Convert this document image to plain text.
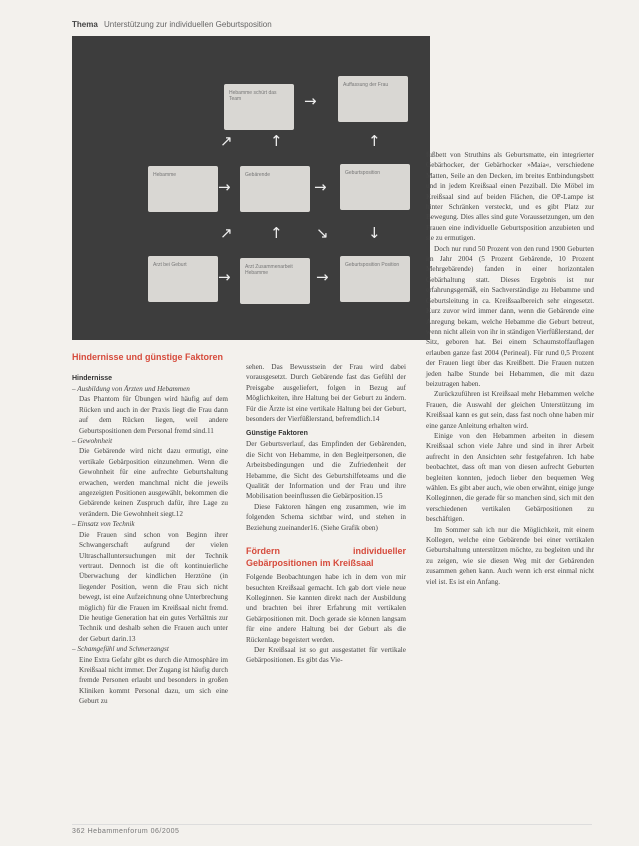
Thema Unterstützung zur individuellen Geburtsposition
Hebamme schürt das Team
Auffassung der Frau
Hebamme	Gebärende	Geburtsposition
Arzt bei Geburt	Arzt Zusammenarbeit Hebamme
Geburtsposition Position
→
↗ ↑	↑
→	→
↗ ↑ ↘	↓
→	→
Hindernisse und günstige Faktoren
Hindernisse

– Ausbildung von Ärzten und Hebammen

Das Phantom für Übungen wird häufig auf dem Rücken und auch in der Praxis liegt die Frau dann auf dem Rücken liegen, weil andere Geburtspositionen dem Personal fremd sind.11

– Gewohnheit

Die Gebärende wird nicht dazu ermutigt, eine vertikale Gebärposition einzunehmen. Wenn die Gewohnheit für eine aufrechte Geburtshaltung erwachen, werden manchmal nicht die jeweils angezeigten Positionen ausgewählt, bekommen die Gebärende keinen Zuspruch dafür, ihre Lage zu verändern. Die Gewohnheit siegt.12

– Einsatz von Technik

Die Frauen sind schon von Beginn ihrer Schwangerschaft aufgrund der vielen Ultraschalluntersuchungen mit der Technik vertraut. Dennoch ist die oft kontinuierliche Überwachung der kindlichen Herztöne (in liegender Position, wenn die Frau sich nicht bewegt, ist eine Aufzeichnung ohne Unterbrechung möglich) für die Frauen im Kreißsaal nicht fremd. Die heutige Generation hat ein gutes Verhältnis zur Technik und deshalb sehen die Frauen auch unter der Geburt darin.13

– Schamgefühl und Schmerzangst

Eine Extra Gefahr gibt es durch die Atmosphäre im Kreißsaal nicht immer. Der Zugang ist häufig durch fremde Personen erlaubt und besonders in großen Kliniken kommt Personal dazu, um sich eine Geburt zu

sehen. Das Bewusstsein der Frau wird dabei vorausgesetzt. Durch Gebärende fast das Gefühl der Preisgabe ausgeliefert, folgen in Bezug auf Möglichkeiten, ihre Haltung bei der Geburt zu ändern. Für die Ärzte ist eine vertikale Haltung bei der Geburt, besonders der Vierfüßlerstand, befremdlich.14

Günstige Faktoren

Der Geburtsverlauf, das Empfinden der Gebärenden, die Sicht von Hebamme, in den Begleitpersonen, die Arbeitsbedingungen und die Zufriedenheit der Hebamme, die Sicht des Geburtshilfeteams und die Qualität der Information und der Frau und ihre Mobilisation beeinflussen die Gebärposition.15

Diese Faktoren hängen eng zusammen, wie im folgenden Schema sichtbar wird, und stehen in Beziehung zueinander16. (Siehe Grafik oben)

Fördern individueller Gebärpositionen im Kreißsaal

Folgende Beobachtungen habe ich in dem von mir besuchten Kreißsaal gemacht. Ich gab dort viele neue Kolleginnen. Sie kannten direkt nach der Ausbildung und brachten bei ihrer Erfahrung mit vertikalen Gebärpositionen mit. Doch gerade sie können langsam für eine andere Haltung bei der Geburt als die Rückenlage begeistert werden.

Der Kreißsaal ist so gut ausgestattet für vertikale Gebärpositionen. Es gibt das Vie-

fußbett von Struthins als Geburtsmatte, ein integrierter Gebärhocker, der Gebärhocker »Maia«, verschiedene Matten, Seile an den Decken, im breites Entbindungsbett und in jedem Kreißsaal einen Pezziball. Die Möbel im Kreißsaal sind auf beiden Flächen, die OP-Lampe ist hinter Schränken versteckt, und es gibt Platz zur Bewegung. Dies alles sind gute Voraussetzungen, um den Frauen eine individuelle Geburtsposition anzubieten und sie zu ermutigen.

Doch nur rund 50 Prozent von den rund 1900 Geburten im Jahr 2004 (5 Prozent Gebärende, 10 Prozent Mehrgebärende) fanden in einer horizontalen Gebärhaltung statt. Dieses Ergebnis ist nur erfahrungsgemäß, ein Sachverständige zu Hebamme und Geburtsleitung in ca. Kreißsaalbereich sehr eingesetzt. Kurz zuvor wird immer dann, wenn die Gebärende eine Anregung bekam, welche Hebamme die Geburt betreut, wenn nicht allein von ihr in ständigen Vierfüßlerstand, der Sitz, geboren hat. Bei einem Schaumstoffauflagen erlauben ganze fast 2004 (Perineal). Für rund 0,5 Prozent der Frauen liegt über das Kreißbett. Die Frauen nutzen jeden halbe Stunde bei Hebammen, die mit dazu beizutragen haben.

Zurückzuführen ist Kreißsaal mehr Hebammen welche Frauen, die Auswahl der gleichen Unterstützung im Kreißsaal kann es gut sein, dass fast noch ohne haben mir eine ganze Anleitung erhalten wird.

Einige von den Hebammen arbeiten in diesem Kreißsaal schon viele Jahre und sind in ihrer Arbeit aufrecht in den Ansichten sehr festgefahren. Ich habe beobachtet, dass oft man von diesen aufrecht Geburten begleiten konnten, jedoch lieber den bequemen Weg wählen. Es gibt aber auch, wie oben erwähnt, einige junge Kolleginnen, die gerade für so manchen sind, sich mit den verschiedenen vertikalen Gebärpositionen zu beschäftigen.

Im Sommer sah ich nur die Möglichkeit, mit einem Kollegen, welche eine Gebärende bei einer vertikalen Geburtshaltung unterstützen möchte, zu begleiten und ihr zu zeigen, wie sie diesen Weg mit der Gebärenden zusammen gehen kann. Auch wenn ich erst einmal nicht viel ist. Es ist ein Anfang.

362 Hebammenforum 06/2005
